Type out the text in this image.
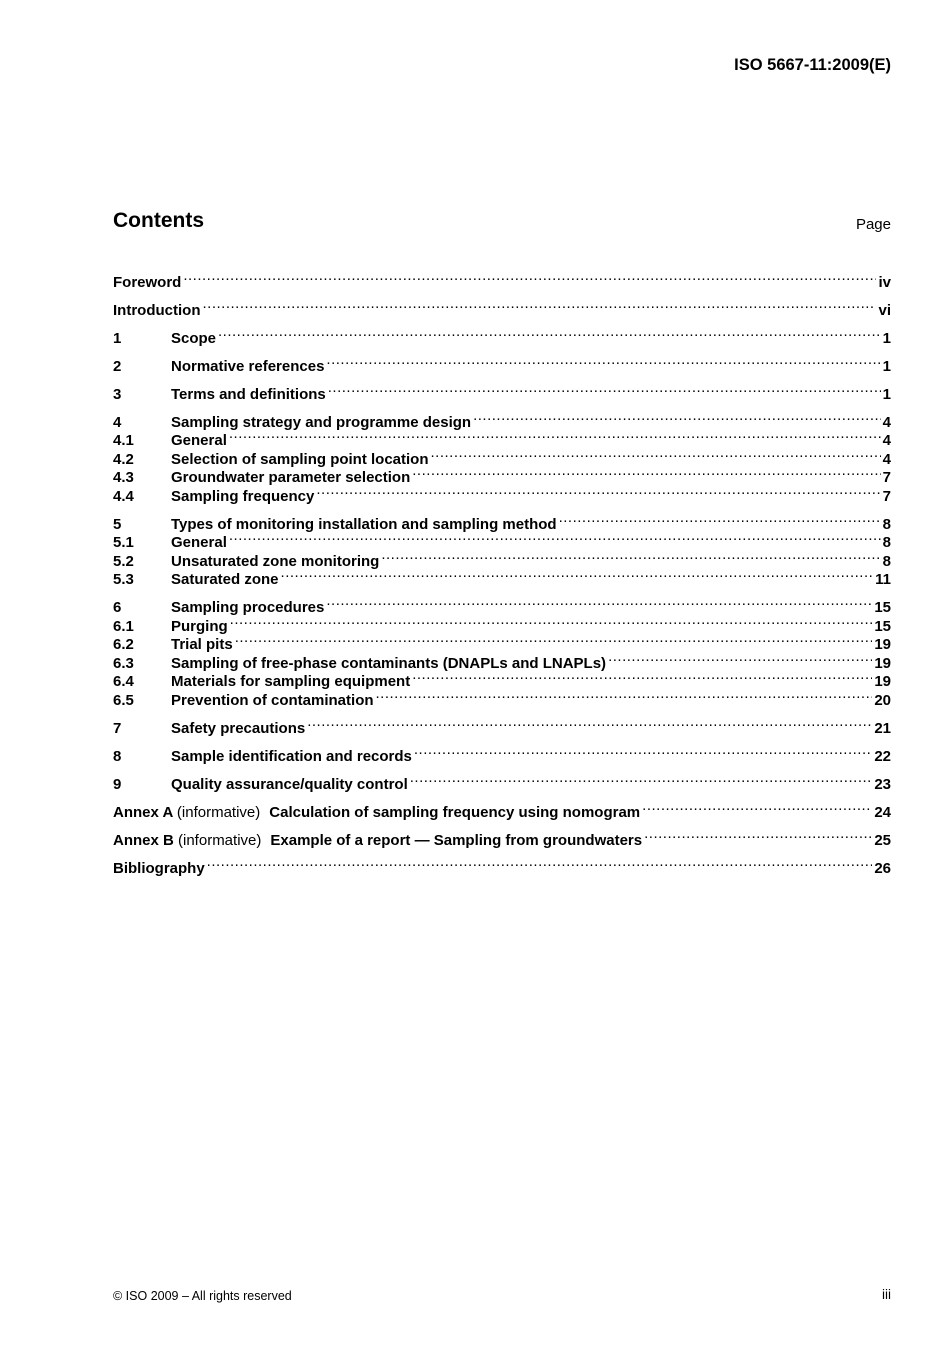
ISO 5667-11:2009(E)
Contents	Page
Foreword .....	iv
Introduction .....	vi
1	Scope .....	1
2	Normative references .....	1
3	Terms and definitions .....	1
4	Sampling strategy and programme design .....	4
4.1	General .....	4
4.2	Selection of sampling point location .....	4
4.3	Groundwater parameter selection .....	7
4.4	Sampling frequency .....	7
5	Types of monitoring installation and sampling method .....	8
5.1	General .....	8
5.2	Unsaturated zone monitoring .....	8
5.3	Saturated zone .....	11
6	Sampling procedures .....	15
6.1	Purging .....	15
6.2	Trial pits .....	19
6.3	Sampling of free-phase contaminants (DNAPLs and LNAPLs) .....	19
6.4	Materials for sampling equipment .....	19
6.5	Prevention of contamination .....	20
7	Safety precautions .....	21
8	Sample identification and records .....	22
9	Quality assurance/quality control .....	23
Annex A (informative) Calculation of sampling frequency using nomogram .....	24
Annex B (informative) Example of a report — Sampling from groundwaters .....	25
Bibliography .....	26
© ISO 2009 – All rights reserved	iii
